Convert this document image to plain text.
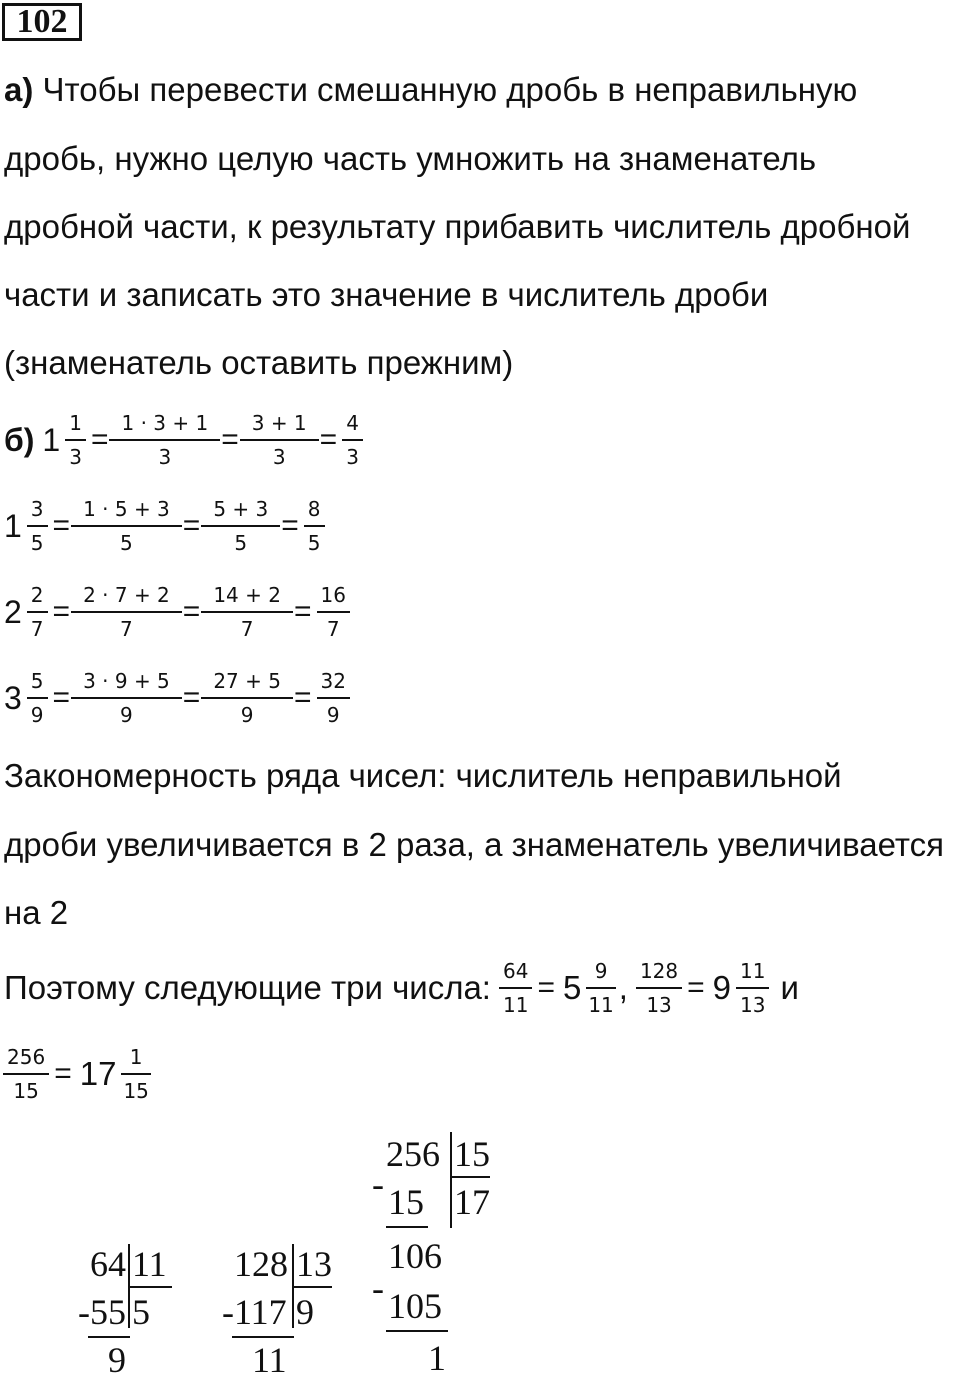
102
а) Чтобы перевести смешанную дробь в неправильную
дробь, нужно целую часть умножить на знаменатель
дробной части, к результату прибавить числитель дробной
части и записать это значение в числитель дроби
(знаменатель оставить прежним)
б) $1 \frac{1}{3} = \frac{1 \cdot 3 + 1}{3} = \frac{3 + 1}{3} = \frac{4}{3}$
$1 \frac{3}{5} = \frac{1 \cdot 5 + 3}{5} = \frac{5 + 3}{5} = \frac{8}{5}$
$2 \frac{2}{7} = \frac{2 \cdot 7 + 2}{7} = \frac{14 + 2}{7} = \frac{16}{7}$
$3 \frac{5}{9} = \frac{3 \cdot 9 + 5}{9} = \frac{27 + 5}{9} = \frac{32}{9}$
Закономерность ряда чисел: числитель неправильной
дроби увеличивается в 2 раза, а знаменатель увеличивается
на 2
Поэтому следующие три числа: $\frac{64}{11} = 5 \frac{9}{11}$ , $\frac{128}{13} = 9 \frac{11}{13}$ и
$\frac{256}{15} = 17 \frac{1}{15}$
-
64 11
55 5
9
-
128 13
117 9
11
-
256 15
15 17
106
- 105
1
